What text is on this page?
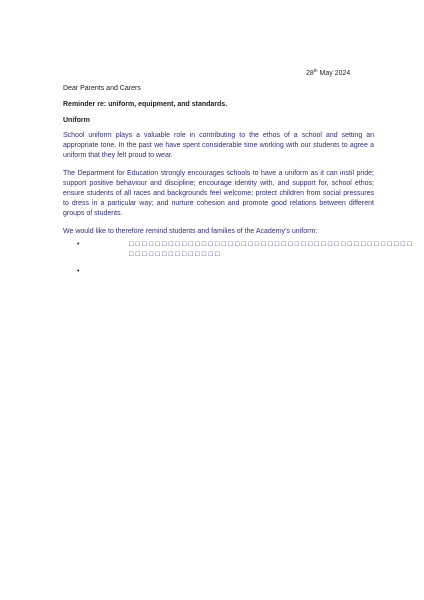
28th May 2024
Dear Parents and Carers
Reminder re: uniform, equipment, and standards.
Uniform
School uniform plays a valuable role in contributing to the ethos of a school and setting an appropriate tone. In the past we have spent considerable time working with our students to agree a uniform that they felt proud to wear.
The Department for Education strongly encourages schools to have a uniform as it can instil pride; support positive behaviour and discipline; encourage identity with, and support for, school ethos; ensure students of all races and backgrounds feel welcome; protect children from social pressures to dress in a particular way; and nurture cohesion and promote good relations between different groups of students.
We would like to therefore remind students and families of the Academy’s uniform:
•	□□□□□□□□□□□□□□□□□□□□□□□□□□□□□□□□□□□□□□□□□□□□□□□□□□□□□□□□□
•
